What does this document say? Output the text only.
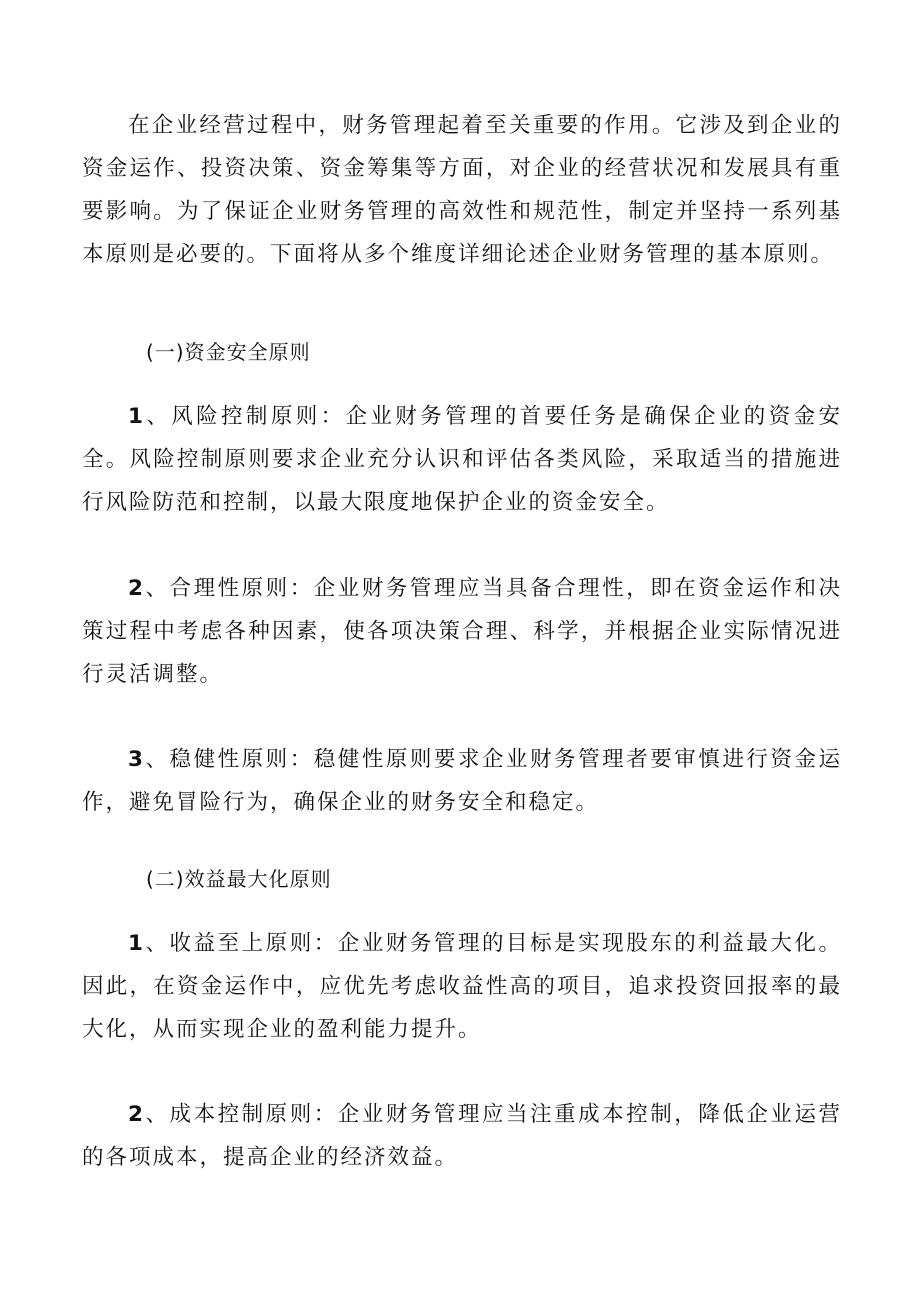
在企业经营过程中，财务管理起着至关重要的作用。它涉及到企业的资金运作、投资决策、资金筹集等方面，对企业的经营状况和发展具有重要影响。为了保证企业财务管理的高效性和规范性，制定并坚持一系列基本原则是必要的。下面将从多个维度详细论述企业财务管理的基本原则。

(一)资金安全原则

1、风险控制原则：企业财务管理的首要任务是确保企业的资金安全。风险控制原则要求企业充分认识和评估各类风险，采取适当的措施进行风险防范和控制，以最大限度地保护企业的资金安全。

2、合理性原则：企业财务管理应当具备合理性，即在资金运作和决策过程中考虑各种因素，使各项决策合理、科学，并根据企业实际情况进行灵活调整。

3、稳健性原则：稳健性原则要求企业财务管理者要审慎进行资金运作，避免冒险行为，确保企业的财务安全和稳定。

(二)效益最大化原则

1、收益至上原则：企业财务管理的目标是实现股东的利益最大化。因此，在资金运作中，应优先考虑收益性高的项目，追求投资回报率的最大化，从而实现企业的盈利能力提升。

2、成本控制原则：企业财务管理应当注重成本控制，降低企业运营的各项成本，提高企业的经济效益。
